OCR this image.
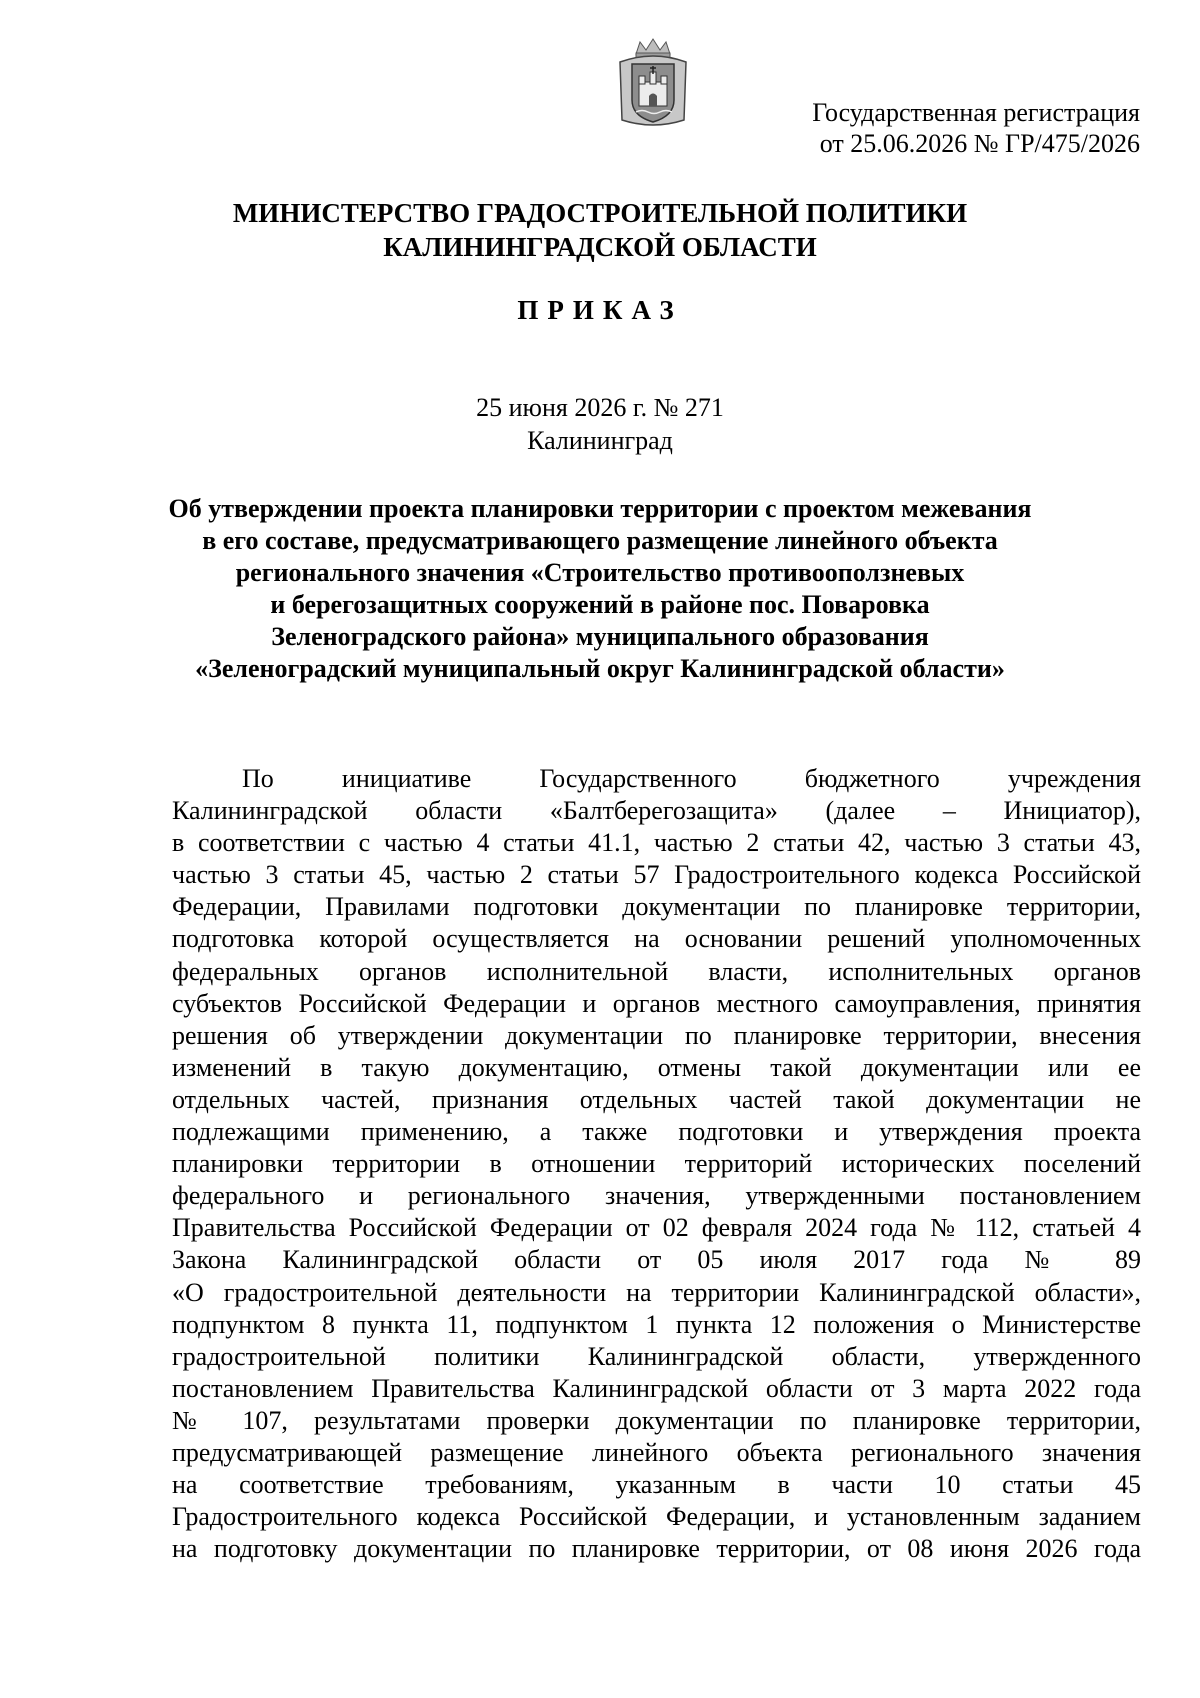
Государственная регистрация
от 25.06.2026 № ГР/475/2026
МИНИСТЕРСТВО ГРАДОСТРОИТЕЛЬНОЙ ПОЛИТИКИ
КАЛИНИНГРАДСКОЙ ОБЛАСТИ
ПРИКАЗ
25 июня 2026 г. № 271
Калининград
Об утверждении проекта планировки территории с проектом межевания
в его составе, предусматривающего размещение линейного объекта
регионального значения «Строительство противооползневых
и берегозащитных сооружений в районе пос. Поваровка
Зеленоградского района» муниципального образования
«Зеленоградский муниципальный округ Калининградской области»
По инициативе Государственного бюджетного учреждения
Калининградской области «Балтберегозащита» (далее – Инициатор),
в соответствии с частью 4 статьи 41.1, частью 2 статьи 42, частью 3 статьи 43,
частью 3 статьи 45, частью 2 статьи 57 Градостроительного кодекса Российской
Федерации, Правилами подготовки документации по планировке территории,
подготовка которой осуществляется на основании решений уполномоченных
федеральных органов исполнительной власти, исполнительных органов
субъектов Российской Федерации и органов местного самоуправления, принятия
решения об утверждении документации по планировке территории, внесения
изменений в такую документацию, отмены такой документации или ее
отдельных частей, признания отдельных частей такой документации не
подлежащими применению, а также подготовки и утверждения проекта
планировки территории в отношении территорий исторических поселений
федерального и регионального значения, утвержденными постановлением
Правительства Российской Федерации от 02 февраля 2024 года № 112, статьей 4
Закона Калининградской области от 05 июля 2017 года № 89
«О градостроительной деятельности на территории Калининградской области»,
подпунктом 8 пункта 11, подпунктом 1 пункта 12 положения о Министерстве
градостроительной политики Калининградской области, утвержденного
постановлением Правительства Калининградской области от 3 марта 2022 года
№ 107, результатами проверки документации по планировке территории,
предусматривающей размещение линейного объекта регионального значения
на соответствие требованиям, указанным в части 10 статьи 45
Градостроительного кодекса Российской Федерации, и установленным заданием
на подготовку документации по планировке территории, от 08 июня 2026 года
